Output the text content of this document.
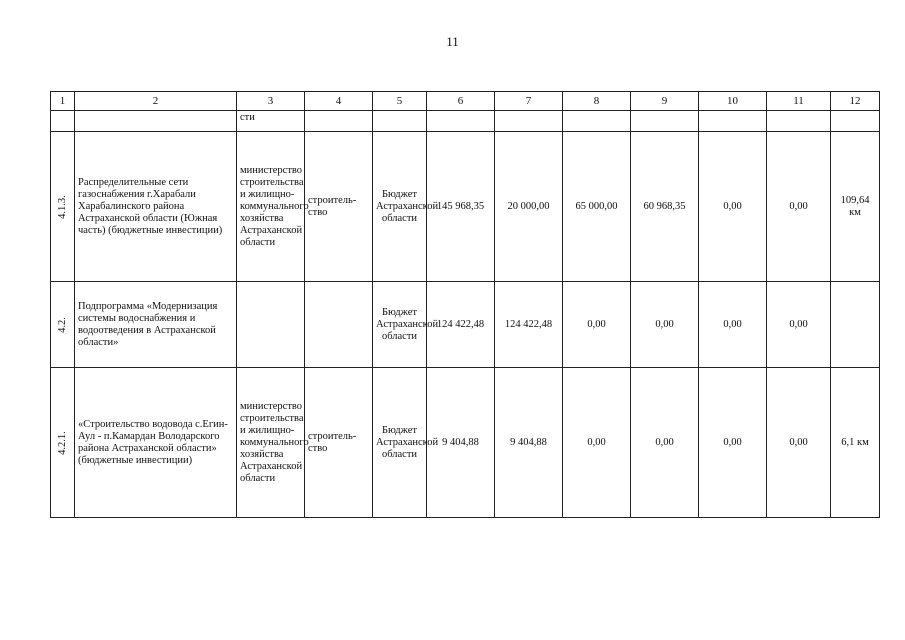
11
1	2	3	4	5	6	7	8	9	10	11	12
		сти									

4.1.3.	Распределительные сети газоснабжения г.Харабали Харабалинского района Астраханской области (Южная часть) (бюджетные инвестиции)	министерство строительства и жилищно-коммунального хозяйства Астраханской области	строитель-ство	Бюджет Астраханской области	145 968,35	20 000,00	65 000,00	60 968,35	0,00	0,00	109,64 км

4.2.	Подпрограмма «Модернизация системы водоснабжения и водоотведения в Астраханской области»			Бюджет Астраханской области	124 422,48	124 422,48	0,00	0,00	0,00	0,00	

4.2.1.	«Строительство водовода с.Егин-Аул - п.Камардан Володарского района Астраханской области» (бюджетные инвестиции)	министерство строительства и жилищно-коммунального хозяйства Астраханской области	строитель-ство	Бюджет Астраханской области	9 404,88	9 404,88	0,00	0,00	0,00	0,00	6,1 км
